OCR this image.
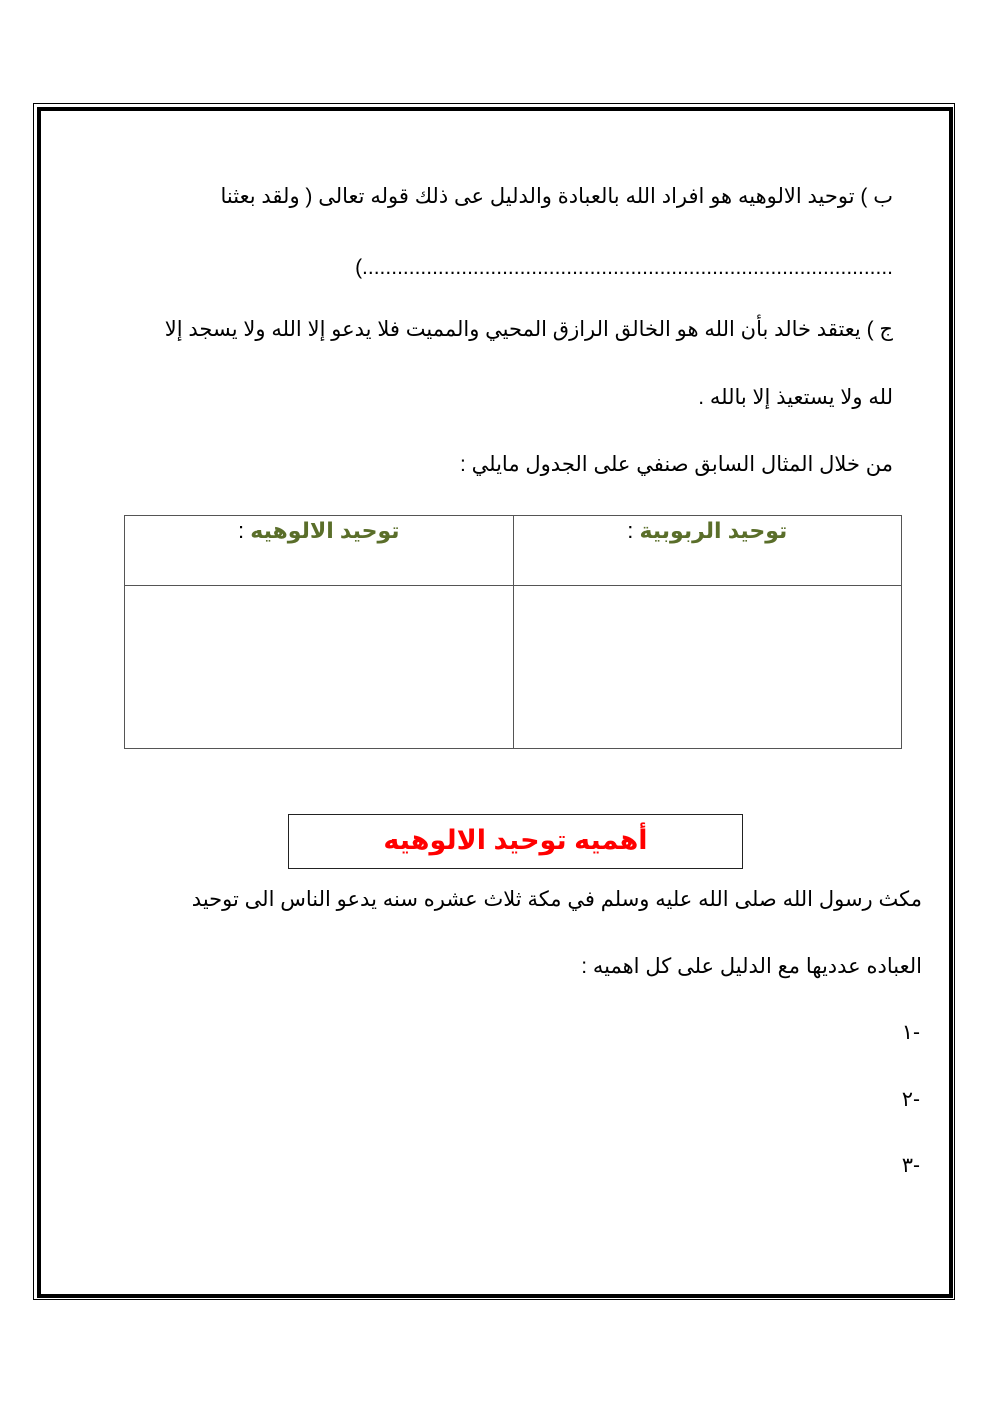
ب ) توحيد الالوهيه هو افراد الله بالعبادة والدليل عى ذلك قوله تعالى ( ولقد بعثنا
...........................................................................................)
ج ) يعتقد خالد بأن الله هو الخالق الرازق المحيي والمميت فلا يدعو إلا الله ولا يسجد إلا
لله ولا يستعيذ إلا بالله .
من خلال المثال السابق صنفي على الجدول مايلي :
توحيد الربوبية :	توحيد الالوهيه :

أهميه توحيد الالوهيه
مكث رسول الله صلى الله عليه وسلم في مكة ثلاث عشره سنه يدعو الناس الى توحيد
العباده عدديها مع الدليل على كل اهميه :
-١
-٢
-٣
